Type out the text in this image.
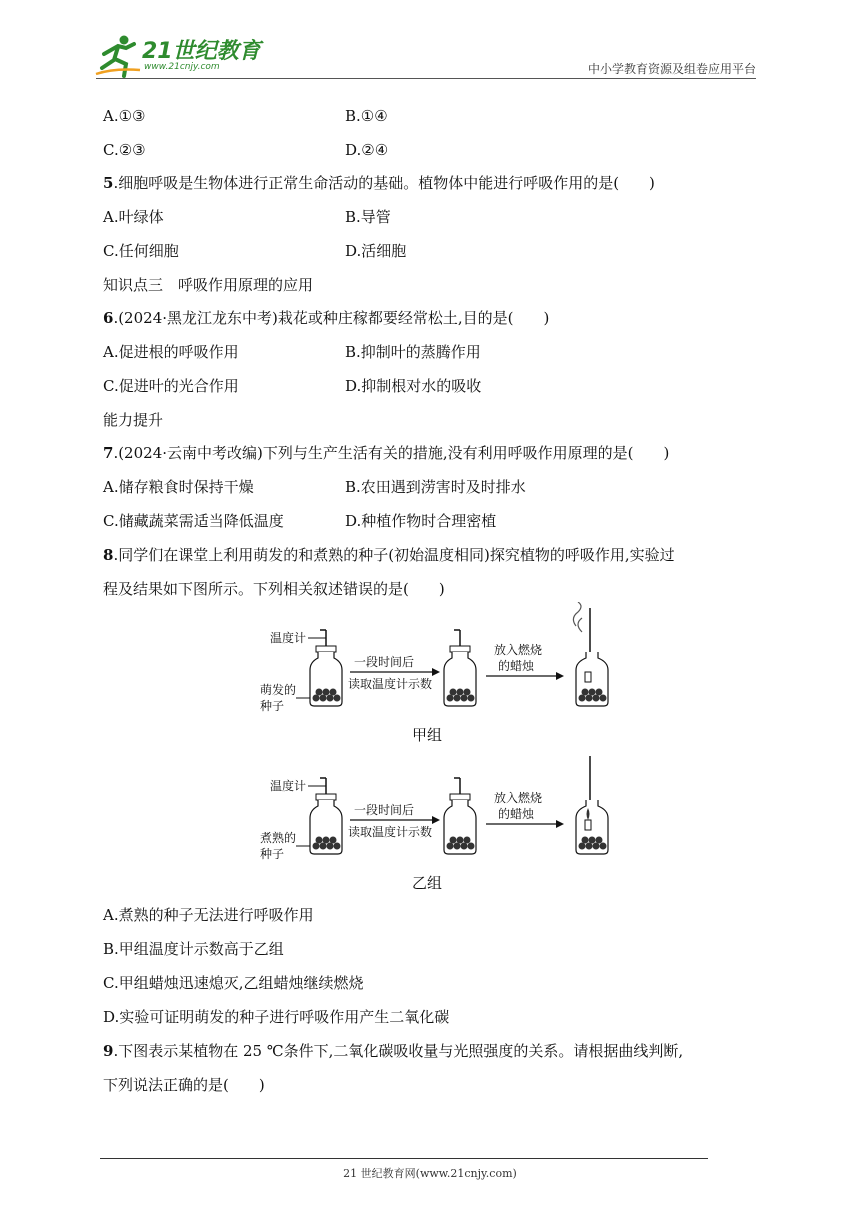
21世纪教育
www.21cnjy.com	中小学教育资源及组卷应用平台
A.①③	B.①④
C.②③	D.②④
5.细胞呼吸是生物体进行正常生命活动的基础。植物体中能进行呼吸作用的是(　　)
A.叶绿体	B.导管
C.任何细胞	D.活细胞
知识点三　呼吸作用原理的应用
6.(2024·黑龙江龙东中考)栽花或种庄稼都要经常松土,目的是(　　)
A.促进根的呼吸作用	B.抑制叶的蒸腾作用
C.促进叶的光合作用	D.抑制根对水的吸收
能力提升
7.(2024·云南中考改编)下列与生产生活有关的措施,没有利用呼吸作用原理的是(　　)
A.储存粮食时保持干燥	B.农田遇到涝害时及时排水
C.储藏蔬菜需适当降低温度	D.种植作物时合理密植
8.同学们在课堂上利用萌发的和煮熟的种子(初始温度相同)探究植物的呼吸作用,实验过
程及结果如下图所示。下列相关叙述错误的是(　　)
温度计
萌发的
种子
一段时间后
读取温度计示数
放入燃烧
的蜡烛
甲组
温度计
煮熟的
种子
一段时间后
读取温度计示数
放入燃烧
的蜡烛
乙组
A.煮熟的种子无法进行呼吸作用
B.甲组温度计示数高于乙组
C.甲组蜡烛迅速熄灭,乙组蜡烛继续燃烧
D.实验可证明萌发的种子进行呼吸作用产生二氧化碳
9.下图表示某植物在 25 ℃条件下,二氧化碳吸收量与光照强度的关系。请根据曲线判断,
下列说法正确的是(　　)
21 世纪教育网(www.21cnjy.com)
